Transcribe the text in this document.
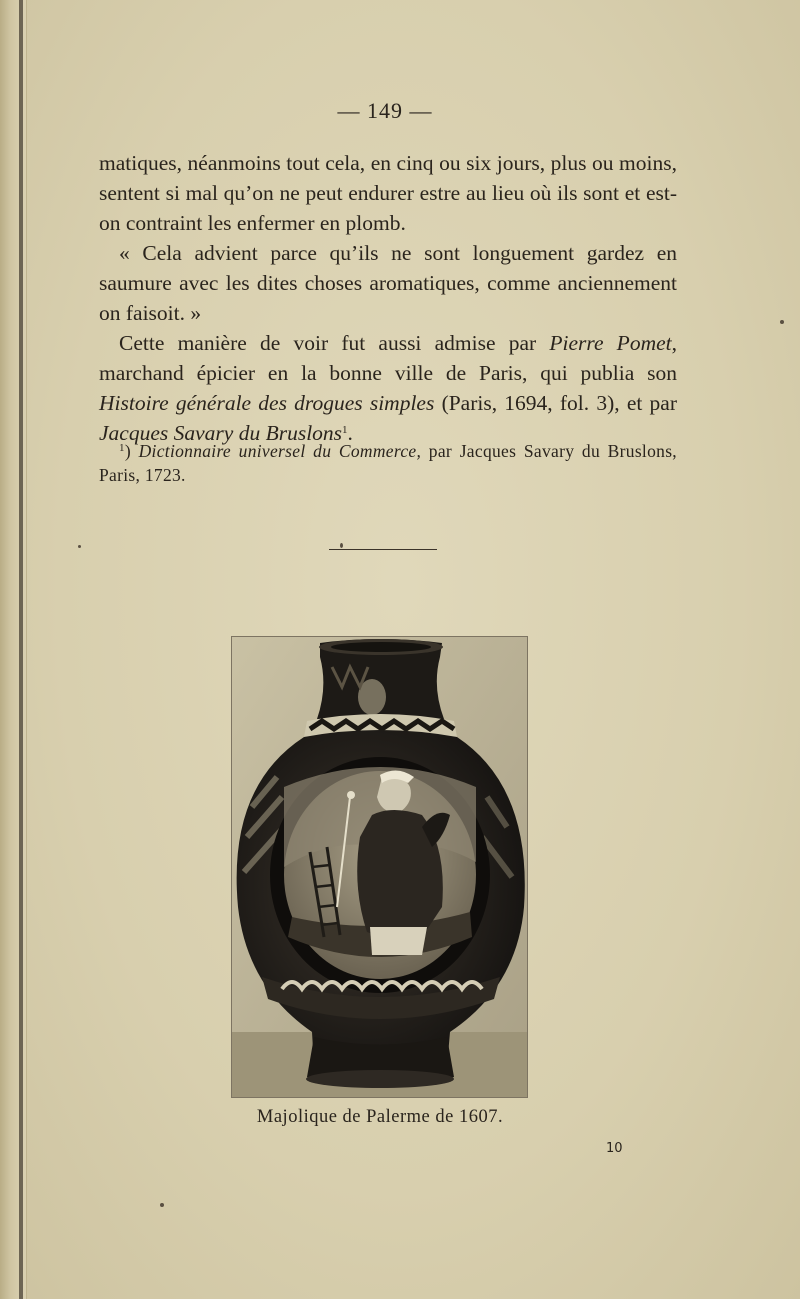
— 149 —

matiques, néanmoins tout cela, en cinq ou six jours, plus ou moins, sentent si mal qu’on ne peut endurer estre au lieu où ils sont et est-on contraint les enfermer en plomb.

« Cela advient parce qu’ils ne sont longuement gardez en saumure avec les dites choses aromatiques, comme anciennement on faisoit. »

Cette manière de voir fut aussi admise par Pierre Pomet, marchand épicier en la bonne ville de Paris, qui publia son Histoire générale des drogues simples (Paris, 1694, fol. 3), et par Jacques Savary du Bruslons$^1$.

$^1$) Dictionnaire universel du Commerce, par Jacques Savary du Bruslons, Paris, 1723.
Majolique de Palerme de 1607.
10
